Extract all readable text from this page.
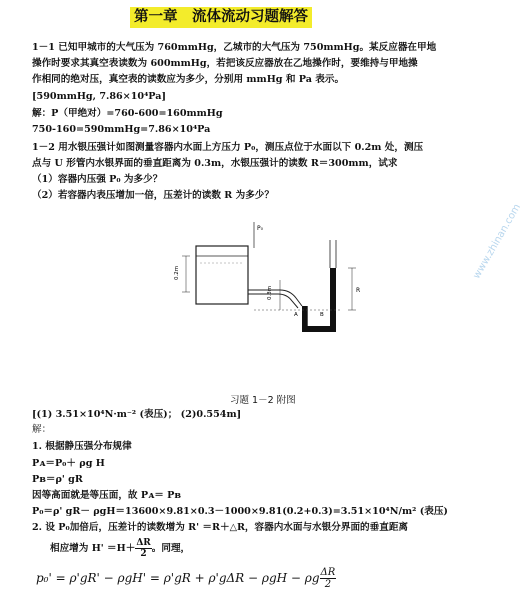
第一章　流体流动习题解答
1－1 已知甲城市的大气压为 760mmHg，乙城市的大气压为 750mmHg。某反应器在甲地
操作时要求其真空表读数为 600mmHg，若把该反应器放在乙地操作时，要维持与甲地操
作相同的绝对压，真空表的读数应为多少，分别用 mmHg 和 Pa 表示。
[590mmHg, 7.86×10⁴Pa]
解：P（甲绝对）=760-600=160mmHg
750-160=590mmHg=7.86×10⁴Pa
1－2 用水银压强计如图测量容器内水面上方压力 P₀，测压点位于水面以下 0.2m 处，测压
点与 U 形管内水银界面的垂直距离为 0.3m，水银压强计的读数 R＝300mm，试求
（1）容器内压强 P₀ 为多少？
（2）若容器内表压增加一倍，压差计的读数 R 为多少？
P₀
0.2m
A	B
R
0.3m
习题 1－2 附图
[(1) 3.51×10⁴N·m⁻² (表压)； (2)0.554m]
解：
1. 根据静压强分布规律
Pᴀ＝P₀＋ ρg H
Pʙ＝ρ' gR
因等高面就是等压面，故 Pᴀ＝ Pʙ
P₀＝ρ' gR－ ρgH＝13600×9.81×0.3－1000×9.81(0.2+0.3)=3.51×10⁴N/m² (表压)
2. 设 P₀加倍后，压差计的读数增为 R' ＝R＋△R，容器内水面与水银分界面的垂直距离
相应增为 $H' =H+ \frac{\Delta R}{2}$ 。同理，
p₀' = ρ'gR' − ρgH' = ρ'gR + ρ'gΔR − ρgH − ρg $\frac{\Delta R}{2}$
www.zhinan.com
